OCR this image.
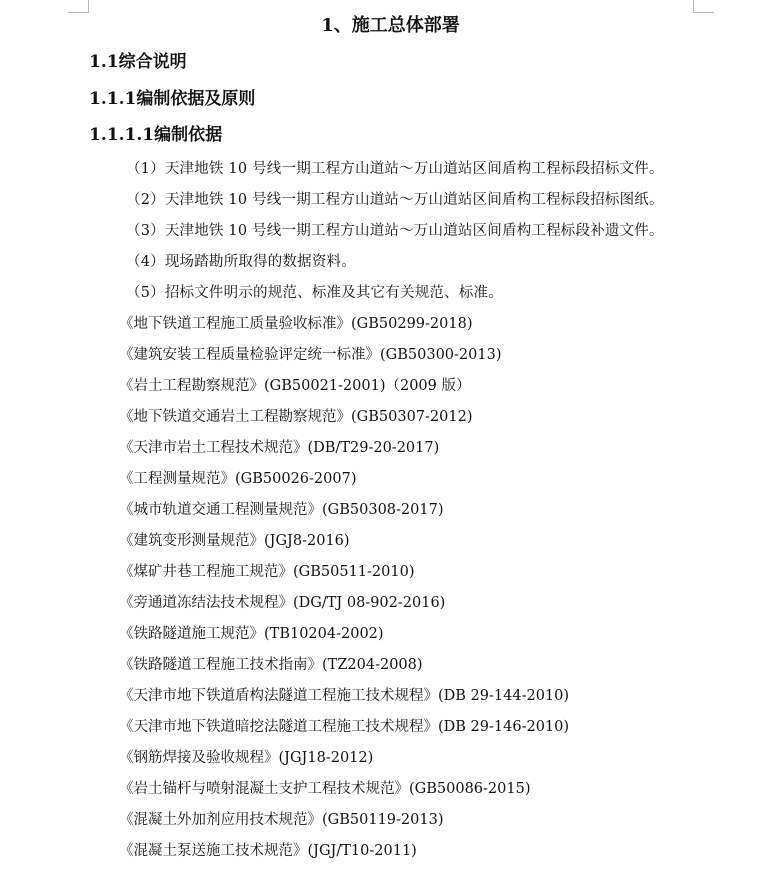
1、施工总体部署
1.1综合说明
1.1.1编制依据及原则
1.1.1.1编制依据
（1）天津地铁 10 号线一期工程方山道站～万山道站区间盾构工程标段招标文件。
（2）天津地铁 10 号线一期工程方山道站～万山道站区间盾构工程标段招标图纸。
（3）天津地铁 10 号线一期工程方山道站～万山道站区间盾构工程标段补遗文件。
（4）现场踏勘所取得的数据资料。
（5）招标文件明示的规范、标准及其它有关规范、标准。
《地下铁道工程施工质量验收标准》(GB50299-2018)
《建筑安装工程质量检验评定统一标准》(GB50300-2013)
《岩土工程勘察规范》(GB50021-2001)（2009 版）
《地下铁道交通岩土工程勘察规范》(GB50307-2012)
《天津市岩土工程技术规范》(DB/T29-20-2017)
《工程测量规范》(GB50026-2007)
《城市轨道交通工程测量规范》(GB50308-2017)
《建筑变形测量规范》(JGJ8-2016)
《煤矿井巷工程施工规范》(GB50511-2010)
《旁通道冻结法技术规程》(DG/TJ 08-902-2016)
《铁路隧道施工规范》(TB10204-2002)
《铁路隧道工程施工技术指南》(TZ204-2008)
《天津市地下铁道盾构法隧道工程施工技术规程》(DB 29-144-2010)
《天津市地下铁道暗挖法隧道工程施工技术规程》(DB 29-146-2010)
《钢筋焊接及验收规程》(JGJ18-2012)
《岩土锚杆与喷射混凝土支护工程技术规范》(GB50086-2015)
《混凝土外加剂应用技术规范》(GB50119-2013)
《混凝土泵送施工技术规范》(JGJ/T10-2011)
